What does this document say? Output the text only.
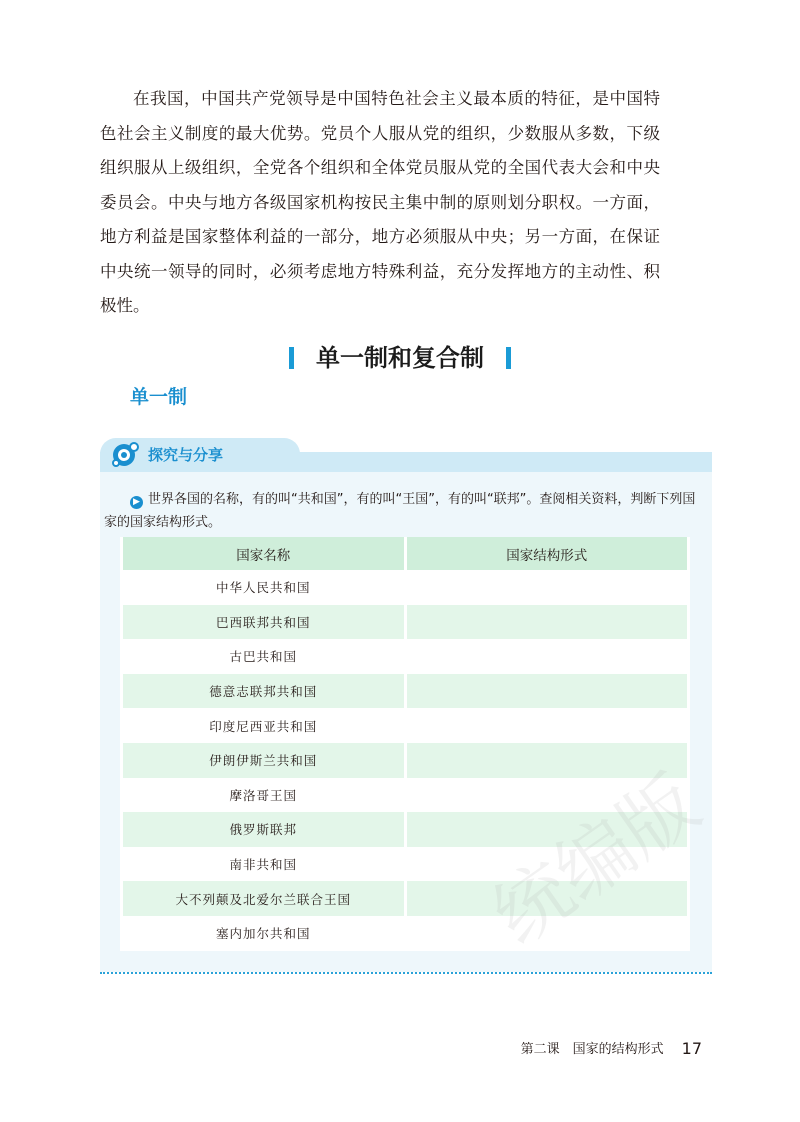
在我国，中国共产党领导是中国特色社会主义最本质的特征，是中国特色社会主义制度的最大优势。党员个人服从党的组织，少数服从多数，下级组织服从上级组织，全党各个组织和全体党员服从党的全国代表大会和中央委员会。中央与地方各级国家机构按民主集中制的原则划分职权。一方面，地方利益是国家整体利益的一部分，地方必须服从中央；另一方面，在保证中央统一领导的同时，必须考虑地方特殊利益，充分发挥地方的主动性、积极性。

单一制和复合制
单一制
探究与分享

▶ 世界各国的名称，有的叫“共和国”，有的叫“王国”，有的叫“联邦”。查阅相关资料，判断下列国家的国家结构形式。

国家名称	国家结构形式
中华人民共和国	
巴西联邦共和国	
古巴共和国	
德意志联邦共和国	
印度尼西亚共和国	
伊朗伊斯兰共和国	
摩洛哥王国	
俄罗斯联邦	
南非共和国	
大不列颠及北爱尔兰联合王国	
塞内加尔共和国	
第二课　国家的结构形式 17
